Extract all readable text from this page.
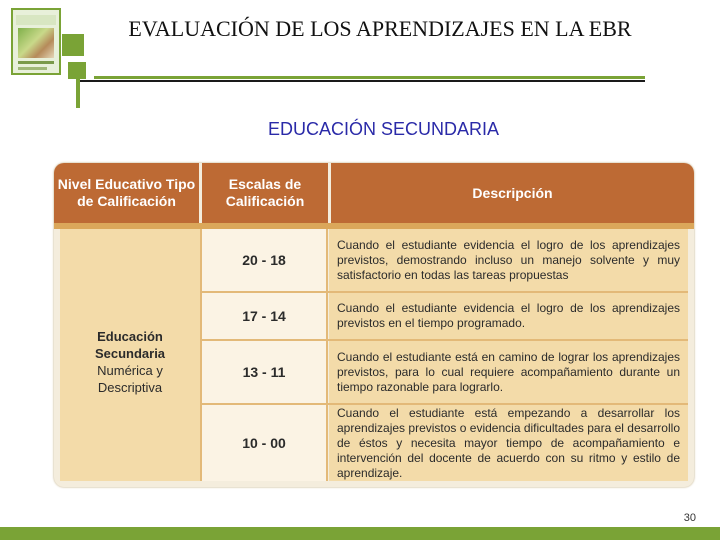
EVALUACIÓN DE LOS APRENDIZAJES EN LA EBR
EDUCACIÓN SECUNDARIA
Nivel Educativo Tipo de Calificación
Escalas de Calificación
Descripción
Educación
Secundaria
Numérica y
Descriptiva
20 - 18
Cuando el estudiante evidencia el logro de los aprendizajes previstos, demostrando incluso un manejo solvente y muy satisfactorio en todas las tareas propuestas
17 - 14	Cuando el estudiante evidencia el logro de los aprendizajes previstos en el tiempo programado.
13 - 11
Cuando el estudiante está en camino de lograr los aprendizajes previstos, para lo cual requiere acompañamiento durante un tiempo razonable para lograrlo.
10 - 00
Cuando el estudiante está empezando a desarrollar los aprendizajes previstos o evidencia dificultades para el desarrollo de éstos y necesita mayor tiempo de acompañamiento e intervención del docente de acuerdo con su ritmo y estilo de aprendizaje.
30
